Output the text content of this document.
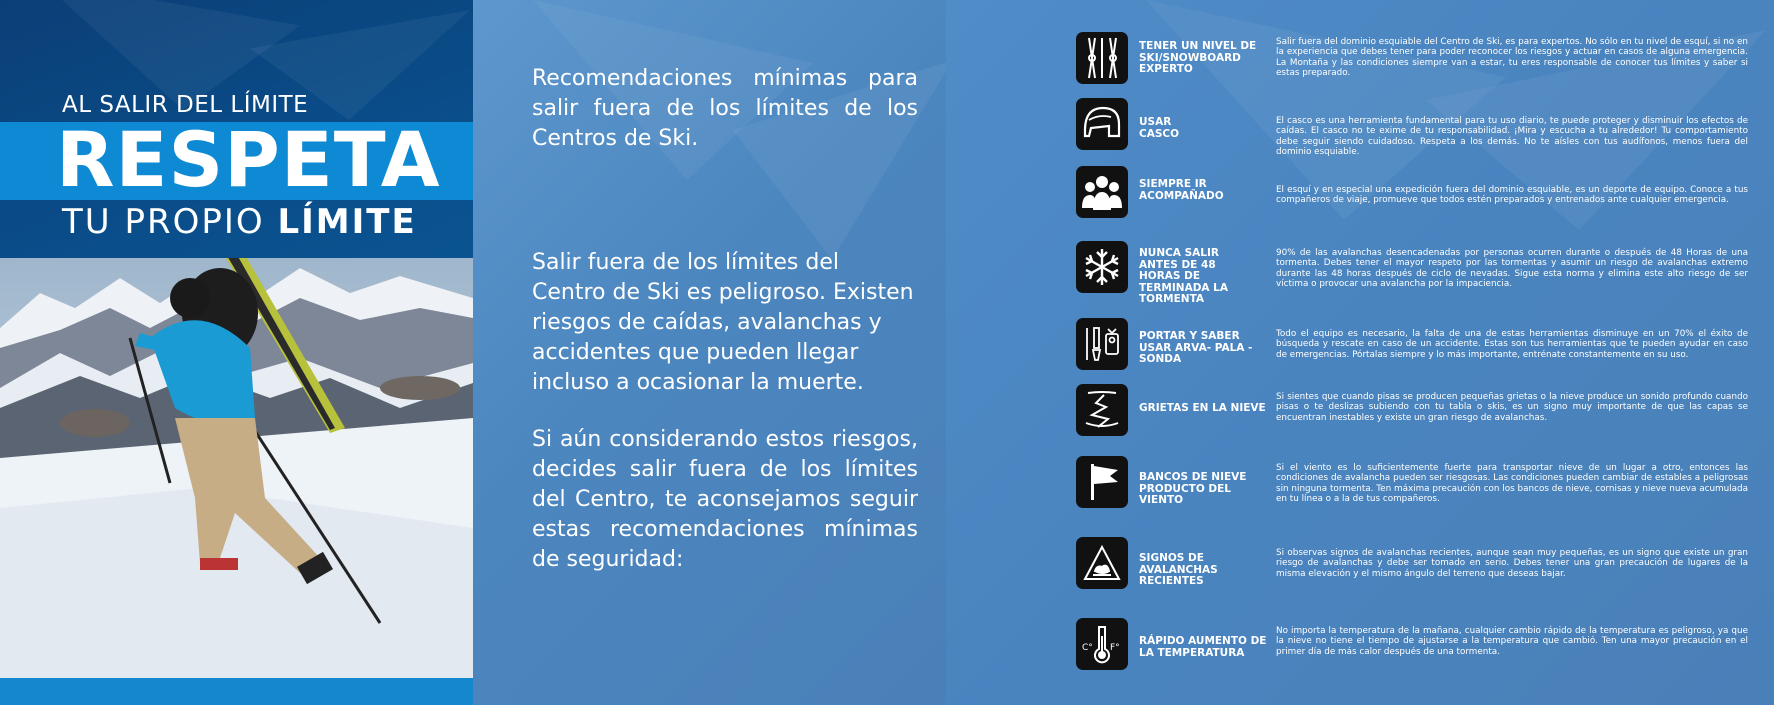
AL SALIR DEL LÍMITE
RESPETA
TU PROPIO LÍMITE
Recomendaciones mínimas para salir fuera de los límites de los Centros de Ski.
Salir fuera de los límites del Centro de Ski es peligroso. Existen riesgos de caídas, avalanchas y accidentes que pueden llegar incluso a ocasionar la muerte.
Si aún considerando estos riesgos, decides salir fuera de los límites del Centro, te aconsejamos seguir estas recomendaciones mínimas de seguridad:
TENER UN NIVEL DE SKI/SNOWBOARD EXPERTO
Salir fuera del dominio esquiable del Centro de Ski, es para expertos. No sólo en tu nivel de esquí, si no en la experiencia que debes tener para poder reconocer los riesgos y actuar en casos de alguna emergencia. La Montaña y las condiciones siempre van a estar, tu eres responsable de conocer tus límites y saber si estas preparado.
USAR CASCO
El casco es una herramienta fundamental para tu uso diario, te puede proteger y disminuir los efectos de caídas. El casco no te exime de tu responsabilidad. ¡Mira y escucha a tu alrededor! Tu comportamiento debe seguir siendo cuidadoso. Respeta a los demás. No te aísles con tus audífonos, menos fuera del dominio esquiable.
SIEMPRE IR ACOMPAÑADO	El esquí y en especial una expedición fuera del dominio esquiable, es un deporte de equipo. Conoce a tus compañeros de viaje, promueve que todos estén preparados y entrenados ante cualquier emergencia.
NUNCA SALIR ANTES DE 48 HORAS DE TERMINADA LA TORMENTA
90% de las avalanchas desencadenadas por personas ocurren durante o después de 48 Horas de una tormenta. Debes tener el mayor respeto por las tormentas y asumir un riesgo de avalanchas extremo durante las 48 horas después de ciclo de nevadas. Sigue esta norma y elimina este alto riesgo de ser víctima o provocar una avalancha por la impaciencia.
PORTAR Y SABER USAR ARVA- PALA - SONDA
Todo el equipo es necesario, la falta de una de estas herramientas disminuye en un 70% el éxito de búsqueda y rescate en caso de un accidente. Estas son tus herramientas que te pueden ayudar en caso de emergencias. Pórtalas siempre y lo más importante, entrénate constantemente en su uso.
GRIETAS EN LA NIEVE
Si sientes que cuando pisas se producen pequeñas grietas o la nieve produce un sonido profundo cuando pisas o te deslizas subiendo con tu tabla o skis, es un signo muy importante de que las capas se encuentran inestables y existe un gran riesgo de avalanchas.
BANCOS DE NIEVE PRODUCTO DEL VIENTO
Si el viento es lo suficientemente fuerte para transportar nieve de un lugar a otro, entonces las condiciones de avalancha pueden ser riesgosas. Las condiciones pueden cambiar de estables a peligrosas sin ninguna tormenta. Ten máxima precaución con los bancos de nieve, cornisas y nieve nueva acumulada en tu línea o a la de tus compañeros.
SIGNOS DE AVALANCHAS RECIENTES
Si observas signos de avalanchas recientes, aunque sean muy pequeñas, es un signo que existe un gran riesgo de avalanchas y debe ser tomado en serio. Debes tener una gran precaución de lugares de la misma elevación y el mismo ángulo del terreno que deseas bajar.
C° F°
RÁPIDO AUMENTO DE LA TEMPERATURA
No importa la temperatura de la mañana, cualquier cambio rápido de la temperatura es peligroso, ya que la nieve no tiene el tiempo de ajustarse a la temperatura que cambió. Ten una mayor precaución en el primer día de más calor después de una tormenta.
